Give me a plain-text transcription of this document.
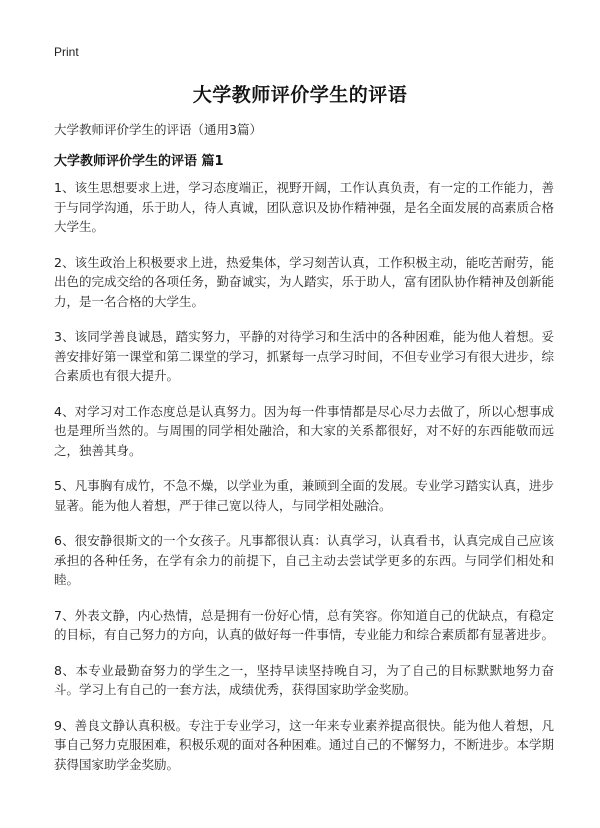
Print
大学教师评价学生的评语
大学教师评价学生的评语（通用3篇）
大学教师评价学生的评语 篇1

1、该生思想要求上进，学习态度端正，视野开阔，工作认真负责，有一定的工作能力，善于与同学沟通，乐于助人，待人真诚，团队意识及协作精神强，是名全面发展的高素质合格大学生。

2、该生政治上积极要求上进，热爱集体，学习刻苦认真，工作积极主动，能吃苦耐劳，能出色的完成交给的各项任务，勤奋诚实，为人踏实，乐于助人，富有团队协作精神及创新能力，是一名合格的大学生。

3、该同学善良诚恳，踏实努力，平静的对待学习和生活中的各种困难，能为他人着想。妥善安排好第一课堂和第二课堂的学习，抓紧每一点学习时间，不但专业学习有很大进步，综合素质也有很大提升。

4、对学习对工作态度总是认真努力。因为每一件事情都是尽心尽力去做了，所以心想事成也是理所当然的。与周围的同学相处融洽，和大家的关系都很好，对不好的东西能敬而远之，独善其身。

5、凡事胸有成竹，不急不燥，以学业为重，兼顾到全面的发展。专业学习踏实认真，进步显著。能为他人着想，严于律己宽以待人，与同学相处融洽。

6、很安静很斯文的一个女孩子。凡事都很认真：认真学习，认真看书，认真完成自己应该承担的各种任务，在学有余力的前提下，自己主动去尝试学更多的东西。与同学们相处和睦。

7、外表文静，内心热情，总是拥有一份好心情，总有笑容。你知道自己的优缺点，有稳定的目标，有自己努力的方向，认真的做好每一件事情，专业能力和综合素质都有显著进步。

8、本专业最勤奋努力的学生之一，坚持早读坚持晚自习，为了自己的目标默默地努力奋斗。学习上有自己的一套方法，成绩优秀，获得国家助学金奖励。

9、善良文静认真积极。专注于专业学习，这一年来专业素养提高很快。能为他人着想，凡事自己努力克服困难，积极乐观的面对各种困难。通过自己的不懈努力，不断进步。本学期获得国家助学金奖励。
